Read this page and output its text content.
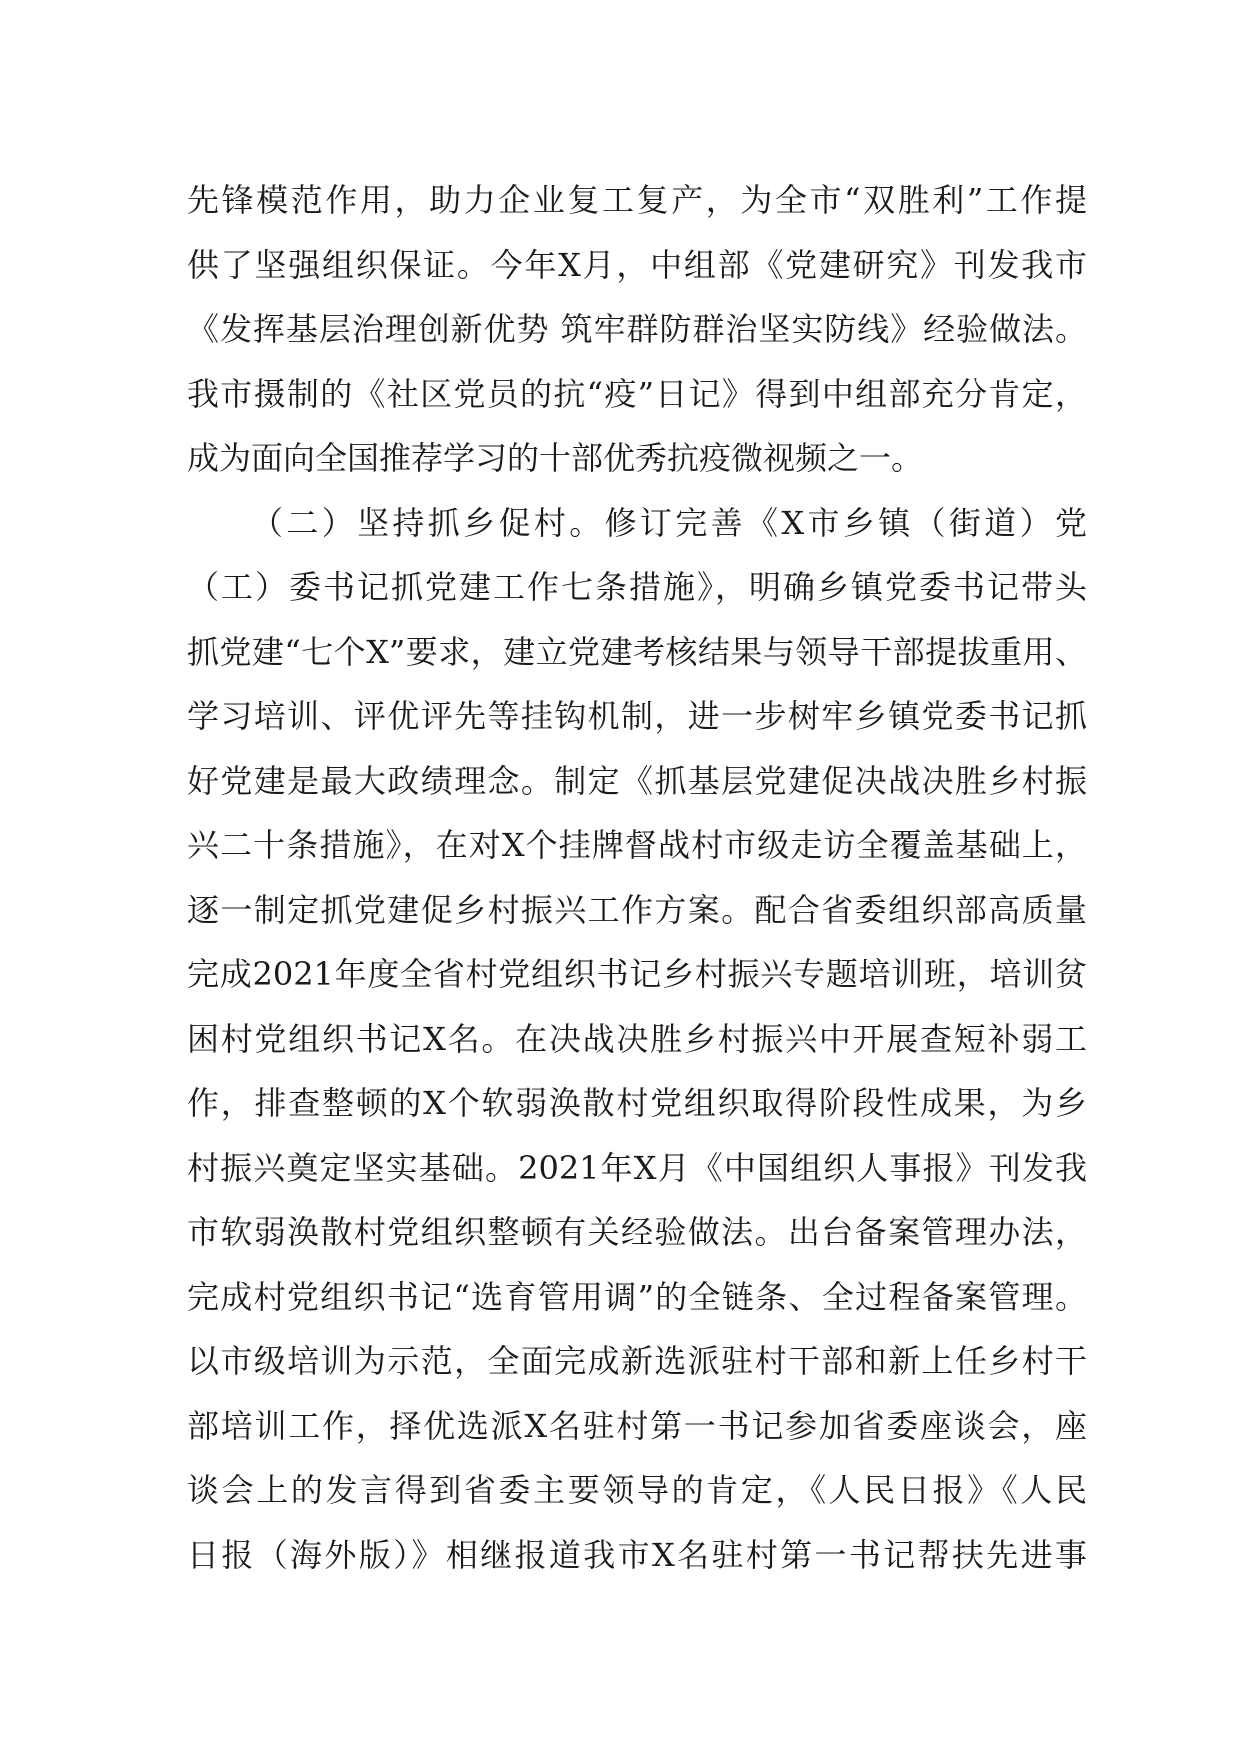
先锋模范作用，助力企业复工复产，为全市“双胜利”工作提
供了坚强组织保证。今年X月，中组部《党建研究》刊发我市
《发挥基层治理创新优势 筑牢群防群治坚实防线》经验做法。
我市摄制的《社区党员的抗“疫”日记》得到中组部充分肯定，
成为面向全国推荐学习的十部优秀抗疫微视频之一。
（二）坚持抓乡促村。修订完善《X市乡镇（街道）党
（工）委书记抓党建工作七条措施》，明确乡镇党委书记带头
抓党建“七个X”要求，建立党建考核结果与领导干部提拔重用、
学习培训、评优评先等挂钩机制，进一步树牢乡镇党委书记抓
好党建是最大政绩理念。制定《抓基层党建促决战决胜乡村振
兴二十条措施》，在对X个挂牌督战村市级走访全覆盖基础上，
逐一制定抓党建促乡村振兴工作方案。配合省委组织部高质量
完成2021年度全省村党组织书记乡村振兴专题培训班，培训贫
困村党组织书记X名。在决战决胜乡村振兴中开展查短补弱工
作，排查整顿的X个软弱涣散村党组织取得阶段性成果，为乡
村振兴奠定坚实基础。2021年X月《中国组织人事报》刊发我
市软弱涣散村党组织整顿有关经验做法。出台备案管理办法，
完成村党组织书记“选育管用调”的全链条、全过程备案管理。
以市级培训为示范，全面完成新选派驻村干部和新上任乡村干
部培训工作，择优选派X名驻村第一书记参加省委座谈会，座
谈会上的发言得到省委主要领导的肯定，《人民日报》《人民
日报（海外版）》相继报道我市X名驻村第一书记帮扶先进事
